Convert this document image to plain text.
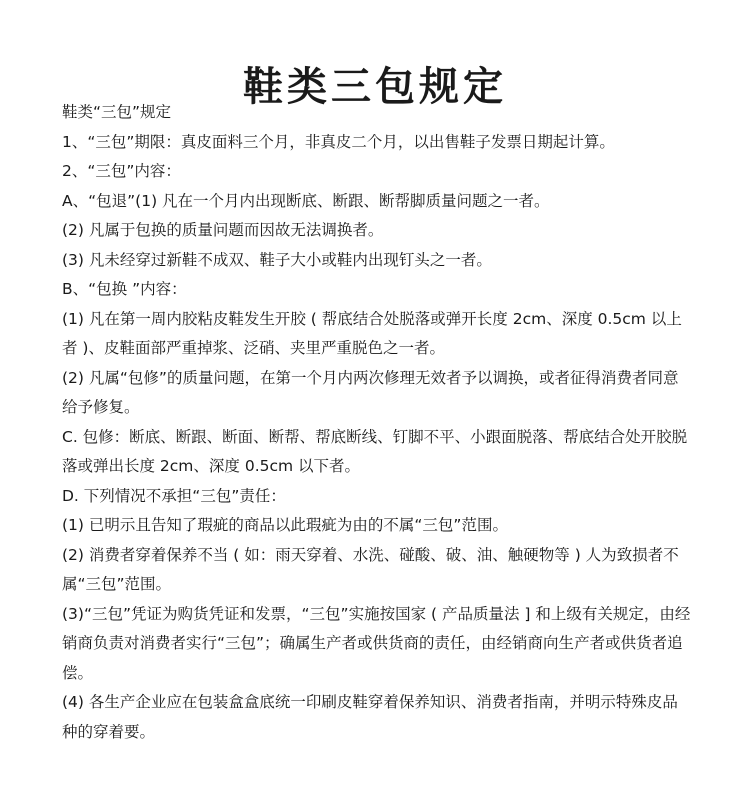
鞋类三包规定

鞋类“三包”规定

1、“三包”期限：真皮面料三个月，非真皮二个月，以出售鞋子发票日期起计算。

2、“三包”内容：

A、“包退”(1) 凡在一个月内出现断底、断跟、断帮脚质量问题之一者。

(2) 凡属于包换的质量问题而因故无法调换者。

(3) 凡未经穿过新鞋不成双、鞋子大小或鞋内出现钉头之一者。

B、“包换 ”内容：

(1) 凡在第一周内胶粘皮鞋发生开胶 ( 帮底结合处脱落或弹开长度 2cm、深度 0.5cm 以上者 )、皮鞋面部严重掉浆、泛硝、夹里严重脱色之一者。

(2) 凡属“包修”的质量问题，在第一个月内两次修理无效者予以调换，或者征得消费者同意给予修复。

C. 包修：断底、断跟、断面、断帮、帮底断线、钉脚不平、小跟面脱落、帮底结合处开胶脱落或弹出长度 2cm、深度 0.5cm 以下者。

D. 下列情况不承担“三包”责任：

(1) 已明示且告知了瑕疵的商品以此瑕疵为由的不属“三包”范围。

(2) 消费者穿着保养不当 ( 如：雨天穿着、水洗、碰酸、破、油、触硬物等 ) 人为致损者不属“三包”范围。

(3)“三包”凭证为购货凭证和发票，“三包”实施按国家 ( 产品质量法 ] 和上级有关规定，由经销商负责对消费者实行“三包”；确属生产者或供货商的责任，由经销商向生产者或供货者追偿。

(4) 各生产企业应在包装盒盒底统一印刷皮鞋穿着保养知识、消费者指南，并明示特殊皮品种的穿着要。
